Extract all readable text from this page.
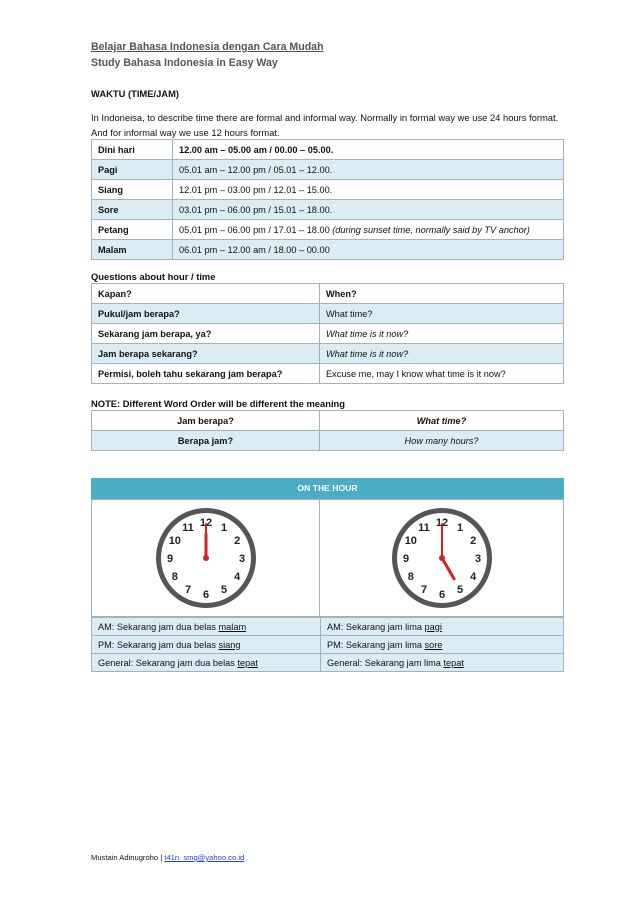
Belajar Bahasa Indonesia dengan Cara Mudah
Study Bahasa Indonesia in Easy Way
WAKTU (TIME/JAM)
In Indoneisa, to describe time there are formal and informal way. Normally in formal way we use 24 hours format. And for informal way we use 12 hours format.
Dini hari	12.00 am – 05.00 am / 00.00 – 05.00.
Pagi	05.01 am – 12.00 pm / 05.01 – 12.00.
Siang	12.01 pm – 03.00 pm / 12.01 – 15.00.
Sore	03.01 pm – 06.00 pm / 15.01 – 18.00.
Petang	05.01 pm – 06.00 pm / 17.01 – 18.00 (during sunset time, normally said by TV anchor)
Malam	06.01 pm – 12.00 am / 18.00 – 00.00
Questions about hour / time
Kapan?	When?
Pukul/jam berapa?	What time?
Sekarang jam berapa, ya?	What time is it now?
Jam berapa sekarang?	What time is it now?
Permisi, boleh tahu sekarang jam berapa?	Excuse me, may I know what time is it now?
NOTE: Different Word Order will be different the meaning
Jam berapa?	What time?
Berapa jam?	How many hours?
ON THE HOUR
12 1
2
3
4
5
6
7
8
9
10
11	12 1
2
3
4
5
6
7
8
9
10
11
AM: Sekarang jam dua belas malam	AM: Sekarang jam lima pagi
PM: Sekarang jam dua belas siang	PM: Sekarang jam lima sore
General: Sekarang jam dua belas tepat	General: Sekarang jam lima tepat
Mustain Adinugroho | t41n_smg@yahoo.co.id
